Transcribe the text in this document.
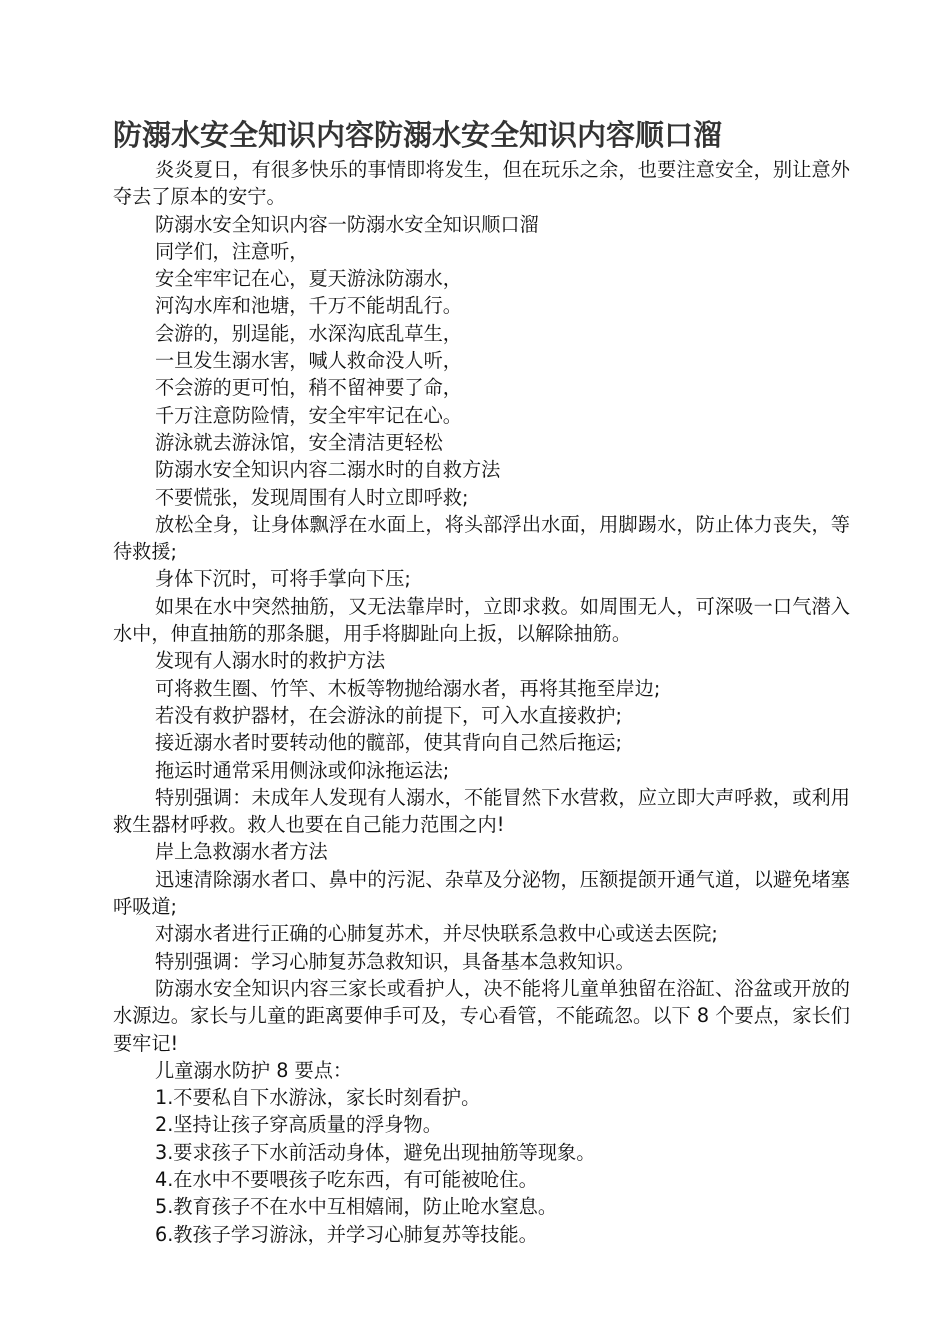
防溺水安全知识内容防溺水安全知识内容顺口溜

炎炎夏日，有很多快乐的事情即将发生，但在玩乐之余，也要注意安全，别让意外夺去了原本的安宁。

防溺水安全知识内容一防溺水安全知识顺口溜

同学们，注意听，

安全牢牢记在心，夏天游泳防溺水，

河沟水库和池塘，千万不能胡乱行。

会游的，别逞能，水深沟底乱草生，

一旦发生溺水害，喊人救命没人听，

不会游的更可怕，稍不留神要了命，

千万注意防险情，安全牢牢记在心。

游泳就去游泳馆，安全清洁更轻松

防溺水安全知识内容二溺水时的自救方法

不要慌张，发现周围有人时立即呼救;

放松全身，让身体飘浮在水面上，将头部浮出水面，用脚踢水，防止体力丧失，等待救援;

身体下沉时，可将手掌向下压;

如果在水中突然抽筋，又无法靠岸时，立即求救。如周围无人，可深吸一口气潜入水中，伸直抽筋的那条腿，用手将脚趾向上扳，以解除抽筋。

发现有人溺水时的救护方法

可将救生圈、竹竿、木板等物抛给溺水者，再将其拖至岸边;

若没有救护器材，在会游泳的前提下，可入水直接救护;

接近溺水者时要转动他的髋部，使其背向自己然后拖运;

拖运时通常采用侧泳或仰泳拖运法;

特别强调：未成年人发现有人溺水，不能冒然下水营救，应立即大声呼救，或利用救生器材呼救。救人也要在自己能力范围之内!

岸上急救溺水者方法

迅速清除溺水者口、鼻中的污泥、杂草及分泌物，压额提颌开通气道，以避免堵塞呼吸道;

对溺水者进行正确的心肺复苏术，并尽快联系急救中心或送去医院;

特别强调：学习心肺复苏急救知识，具备基本急救知识。

防溺水安全知识内容三家长或看护人，决不能将儿童单独留在浴缸、浴盆或开放的水源边。家长与儿童的距离要伸手可及，专心看管，不能疏忽。以下 8 个要点，家长们要牢记!

儿童溺水防护 8 要点：

1.不要私自下水游泳，家长时刻看护。

2.坚持让孩子穿高质量的浮身物。

3.要求孩子下水前活动身体，避免出现抽筋等现象。

4.在水中不要喂孩子吃东西，有可能被呛住。

5.教育孩子不在水中互相嬉闹，防止呛水窒息。

6.教孩子学习游泳，并学习心肺复苏等技能。
